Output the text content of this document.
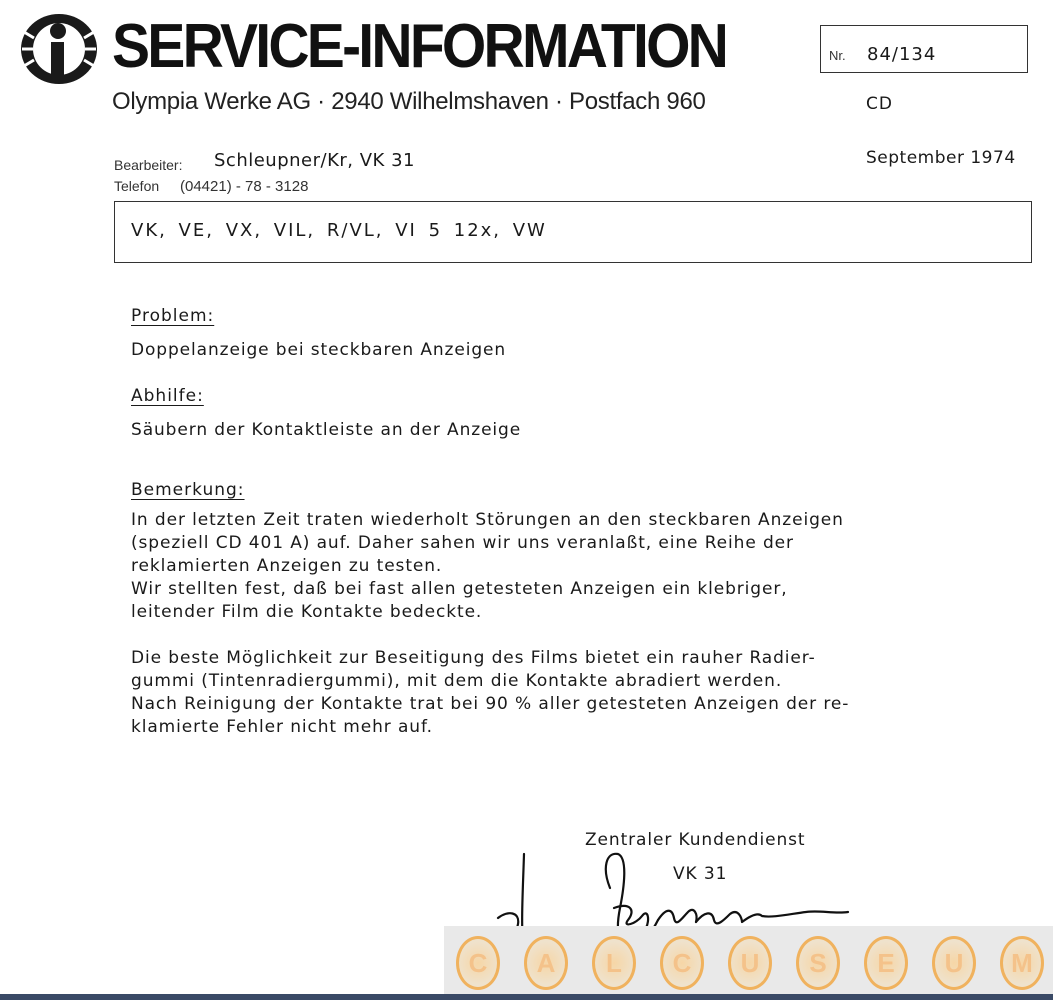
SERVICE-INFORMATION	Nr. 84/134
Olympia Werke AG · 2940 Wilhelmshaven · Postfach 960	CD
Bearbeiter: Schleupner/Kr, VK 31
Telefon (04421) - 78 - 3128
September 1974
VK, VE, VX, VIL, R/VL, VI 5 12x, VW
Problem:
Doppelanzeige bei steckbaren Anzeigen
Abhilfe:
Säubern der Kontaktleiste an der Anzeige
Bemerkung:
In der letzten Zeit traten wiederholt Störungen an den steckbaren Anzeigen
(speziell CD 401 A) auf. Daher sahen wir uns veranlaßt, eine Reihe der
reklamierten Anzeigen zu testen.
Wir stellten fest, daß bei fast allen getesteten Anzeigen ein klebriger,
leitender Film die Kontakte bedeckte.
Die beste Möglichkeit zur Beseitigung des Films bietet ein rauher Radier-
gummi (Tintenradiergummi), mit dem die Kontakte abradiert werden.
Nach Reinigung der Kontakte trat bei 90 % aller getesteten Anzeigen der re-
klamierte Fehler nicht mehr auf.
Zentraler Kundendienst
VK 31
C	A	L	C	U	S	E	U	M
